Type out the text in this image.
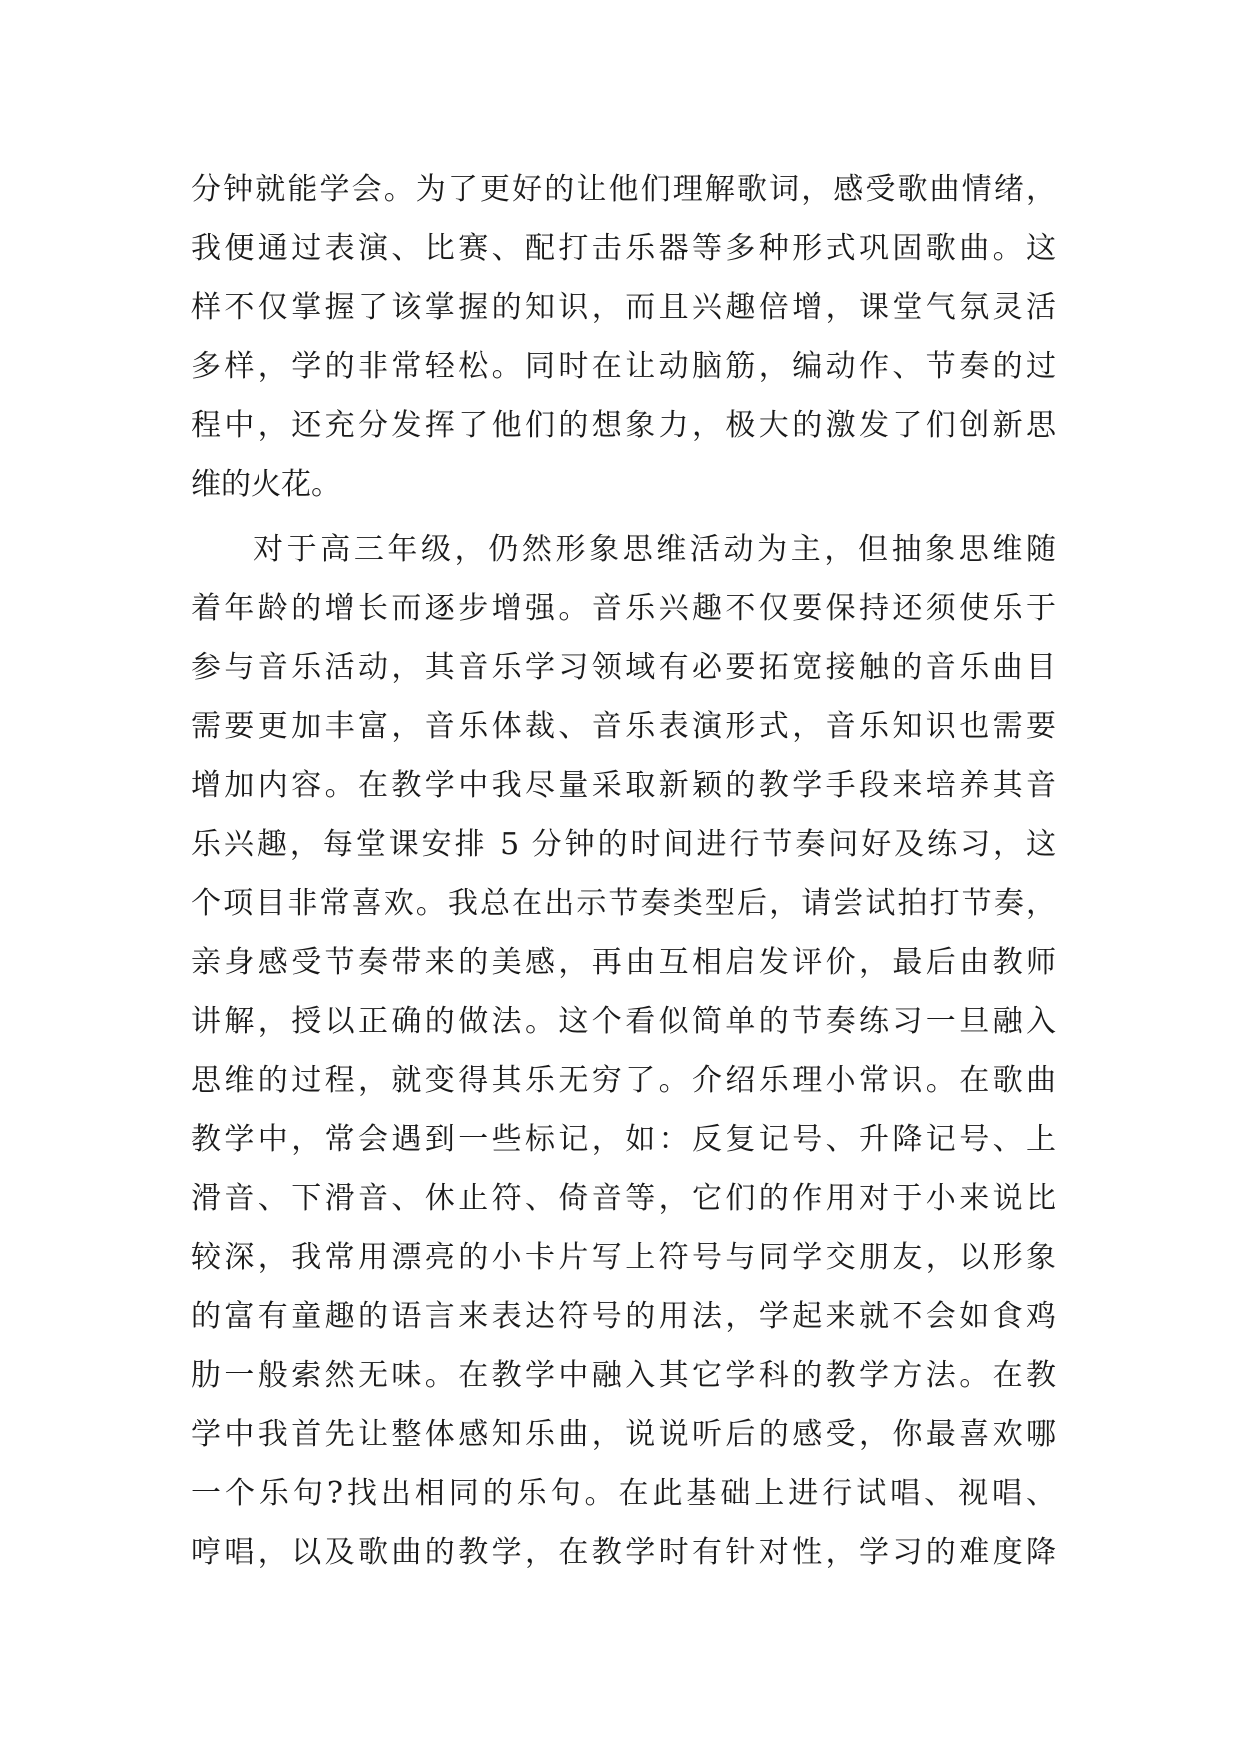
分钟就能学会。为了更好的让他们理解歌词，感受歌曲情绪，
我便通过表演、比赛、配打击乐器等多种形式巩固歌曲。这
样不仅掌握了该掌握的知识，而且兴趣倍增，课堂气氛灵活
多样，学的非常轻松。同时在让动脑筋，编动作、节奏的过
程中，还充分发挥了他们的想象力，极大的激发了们创新思
维的火花。
对于高三年级，仍然形象思维活动为主，但抽象思维随
着年龄的增长而逐步增强。音乐兴趣不仅要保持还须使乐于
参与音乐活动，其音乐学习领域有必要拓宽接触的音乐曲目
需要更加丰富，音乐体裁、音乐表演形式，音乐知识也需要
增加内容。在教学中我尽量采取新颖的教学手段来培养其音
乐兴趣，每堂课安排 5 分钟的时间进行节奏问好及练习，这
个项目非常喜欢。我总在出示节奏类型后，请尝试拍打节奏，
亲身感受节奏带来的美感，再由互相启发评价，最后由教师
讲解，授以正确的做法。这个看似简单的节奏练习一旦融入
思维的过程，就变得其乐无穷了。介绍乐理小常识。在歌曲
教学中，常会遇到一些标记，如：反复记号、升降记号、上
滑音、下滑音、休止符、倚音等，它们的作用对于小来说比
较深，我常用漂亮的小卡片写上符号与同学交朋友，以形象
的富有童趣的语言来表达符号的用法，学起来就不会如食鸡
肋一般索然无味。在教学中融入其它学科的教学方法。在教
学中我首先让整体感知乐曲，说说听后的感受，你最喜欢哪
一个乐句?找出相同的乐句。在此基础上进行试唱、视唱、
哼唱，以及歌曲的教学，在教学时有针对性，学习的难度降
